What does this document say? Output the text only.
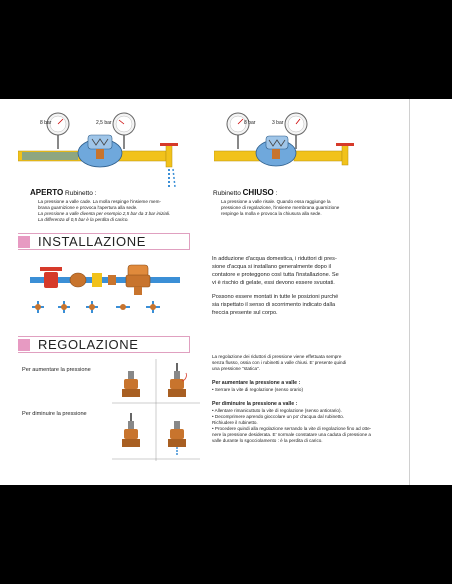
8 bar	2,5 bar
APERTO Rubinetto :
La pressione a valle cade. La molla respinge l'insieme mem-
brana guarnizione e provoca l'apertura alla sede.
La pressione a valle diventa per esempio 2,5 bar da 3 bar iniziali.
La differenza di 0,5 bar è la perdita di carico.
8 bar	3 bar
Rubinetto CHIUSO :
La pressione a valle risale. Quando essa raggiunge la
pressione di regolazione, l'insieme membrana guarnizione
respinge la molla e provoca la chiusura alla sede.
INSTALLAZIONE
In adduzione d'acqua domestica, i riduttori di pres-
sione d'acqua si installano generalmente dopo il
contatore e proteggono così tutta l'installazione. Se
vi è rischio di gelate, essi devono essere svuotati.
Possono essere montati in tutte le posizioni purché
sia rispettato il senso di scorrimento indicato dalla
freccia presente sul corpo.
REGOLAZIONE
Per aumentare la pressione
Per diminuire la pressione
La regolazione dei riduttori di pressione viene effettuata sempre
senza flusso, ossia con i rubinetti a valle chiusi. E' presente quindi
una pressione "statica".
Per aumentare la pressione a valle :
• Serrare la vite di regolazione (senso orario)
Per diminuire la pressione a valle :
• Allentare rimanicuttuto la vite di regolazione (senso antiorario).
• Decomprimere aprendo gioccolare un po' d'acqua dal rubinetto.
Richiudere il rubinetto.
• Procedere quindi alla regolazione serrando la vite di regolazione fino ad otte-
nere la pressione desiderata. E' normale constatare una caduta di pressione a
valle durante lo sgocciolamento : è la perdita di carico.
